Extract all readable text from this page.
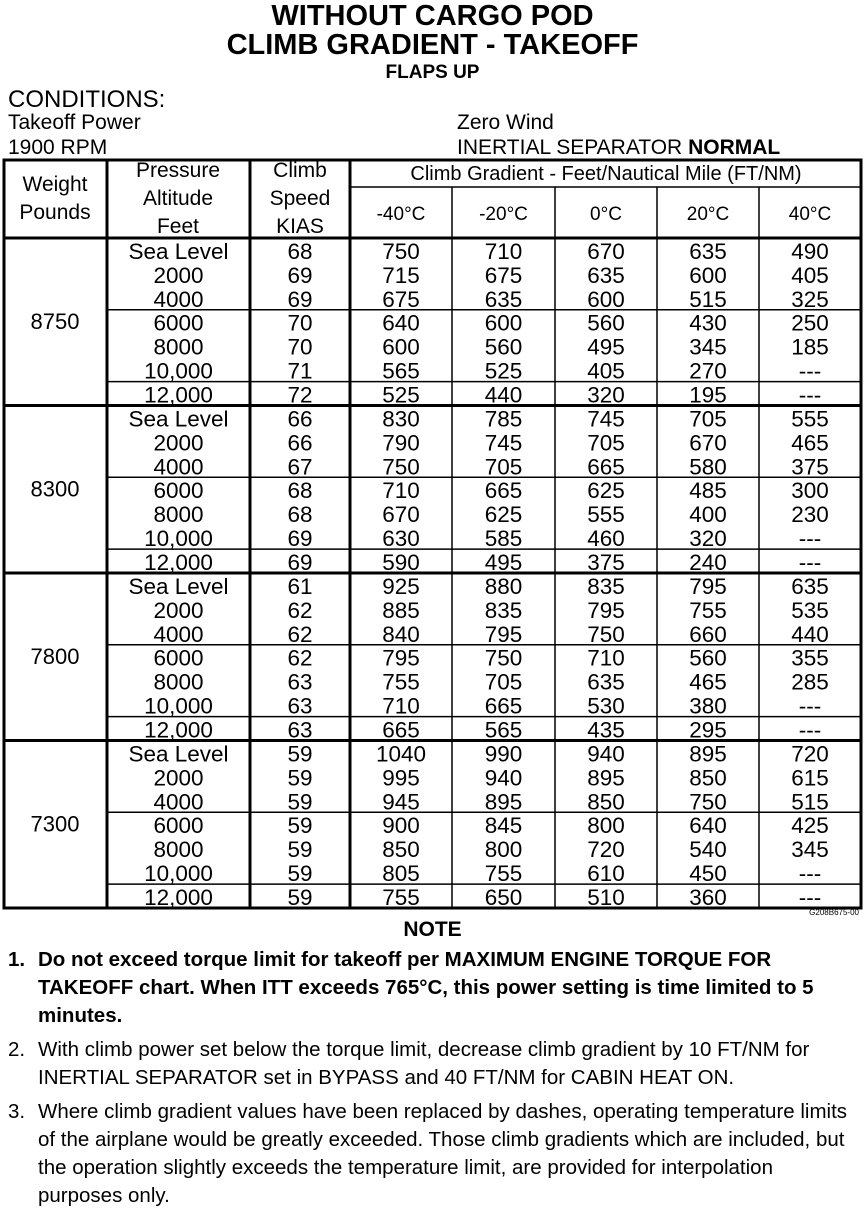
WITHOUT CARGO POD
CLIMB GRADIENT - TAKEOFF
FLAPS UP
CONDITIONS:
Takeoff Power
1900 RPM
Zero Wind
INERTIAL SEPARATOR NORMAL
Weight
Pounds
Pressure
Altitude
Feet
Climb
Speed
KIAS
Climb Gradient - Feet/Nautical Mile (FT/NM)
-40°C	-20°C	0°C	20°C	40°C
8750
Sea Level	68	750	710	670	635	490
2000	69	715	675	635	600	405
4000	69	675	635	600	515	325
6000	70	640	600	560	430	250
8000	70	600	560	495	345	185
10,000	71	565	525	405	270	---
12,000	72	525	440	320	195	---
8300
Sea Level	66	830	785	745	705	555
2000	66	790	745	705	670	465
4000	67	750	705	665	580	375
6000	68	710	665	625	485	300
8000	68	670	625	555	400	230
10,000	69	630	585	460	320	---
12,000	69	590	495	375	240	---
7800
Sea Level	61	925	880	835	795	635
2000	62	885	835	795	755	535
4000	62	840	795	750	660	440
6000	62	795	750	710	560	355
8000	63	755	705	635	465	285
10,000	63	710	665	530	380	---
12,000	63	665	565	435	295	---
7300
Sea Level	59	1040	990	940	895	720
2000	59	995	940	895	850	615
4000	59	945	895	850	750	515
6000	59	900	845	800	640	425
8000	59	850	800	720	540	345
10,000	59	805	755	610	450	---
12,000	59	755	650	510	360	---
G208B675-00
NOTE
1. Do not exceed torque limit for takeoff per MAXIMUM ENGINE TORQUE FOR TAKEOFF chart. When ITT exceeds 765°C, this power setting is time limited to 5 minutes.
2. With climb power set below the torque limit, decrease climb gradient by 10 FT/NM for INERTIAL SEPARATOR set in BYPASS and 40 FT/NM for CABIN HEAT ON.
3. Where climb gradient values have been replaced by dashes, operating temperature limits of the airplane would be greatly exceeded. Those climb gradients which are included, but the operation slightly exceeds the temperature limit, are provided for interpolation purposes only.
